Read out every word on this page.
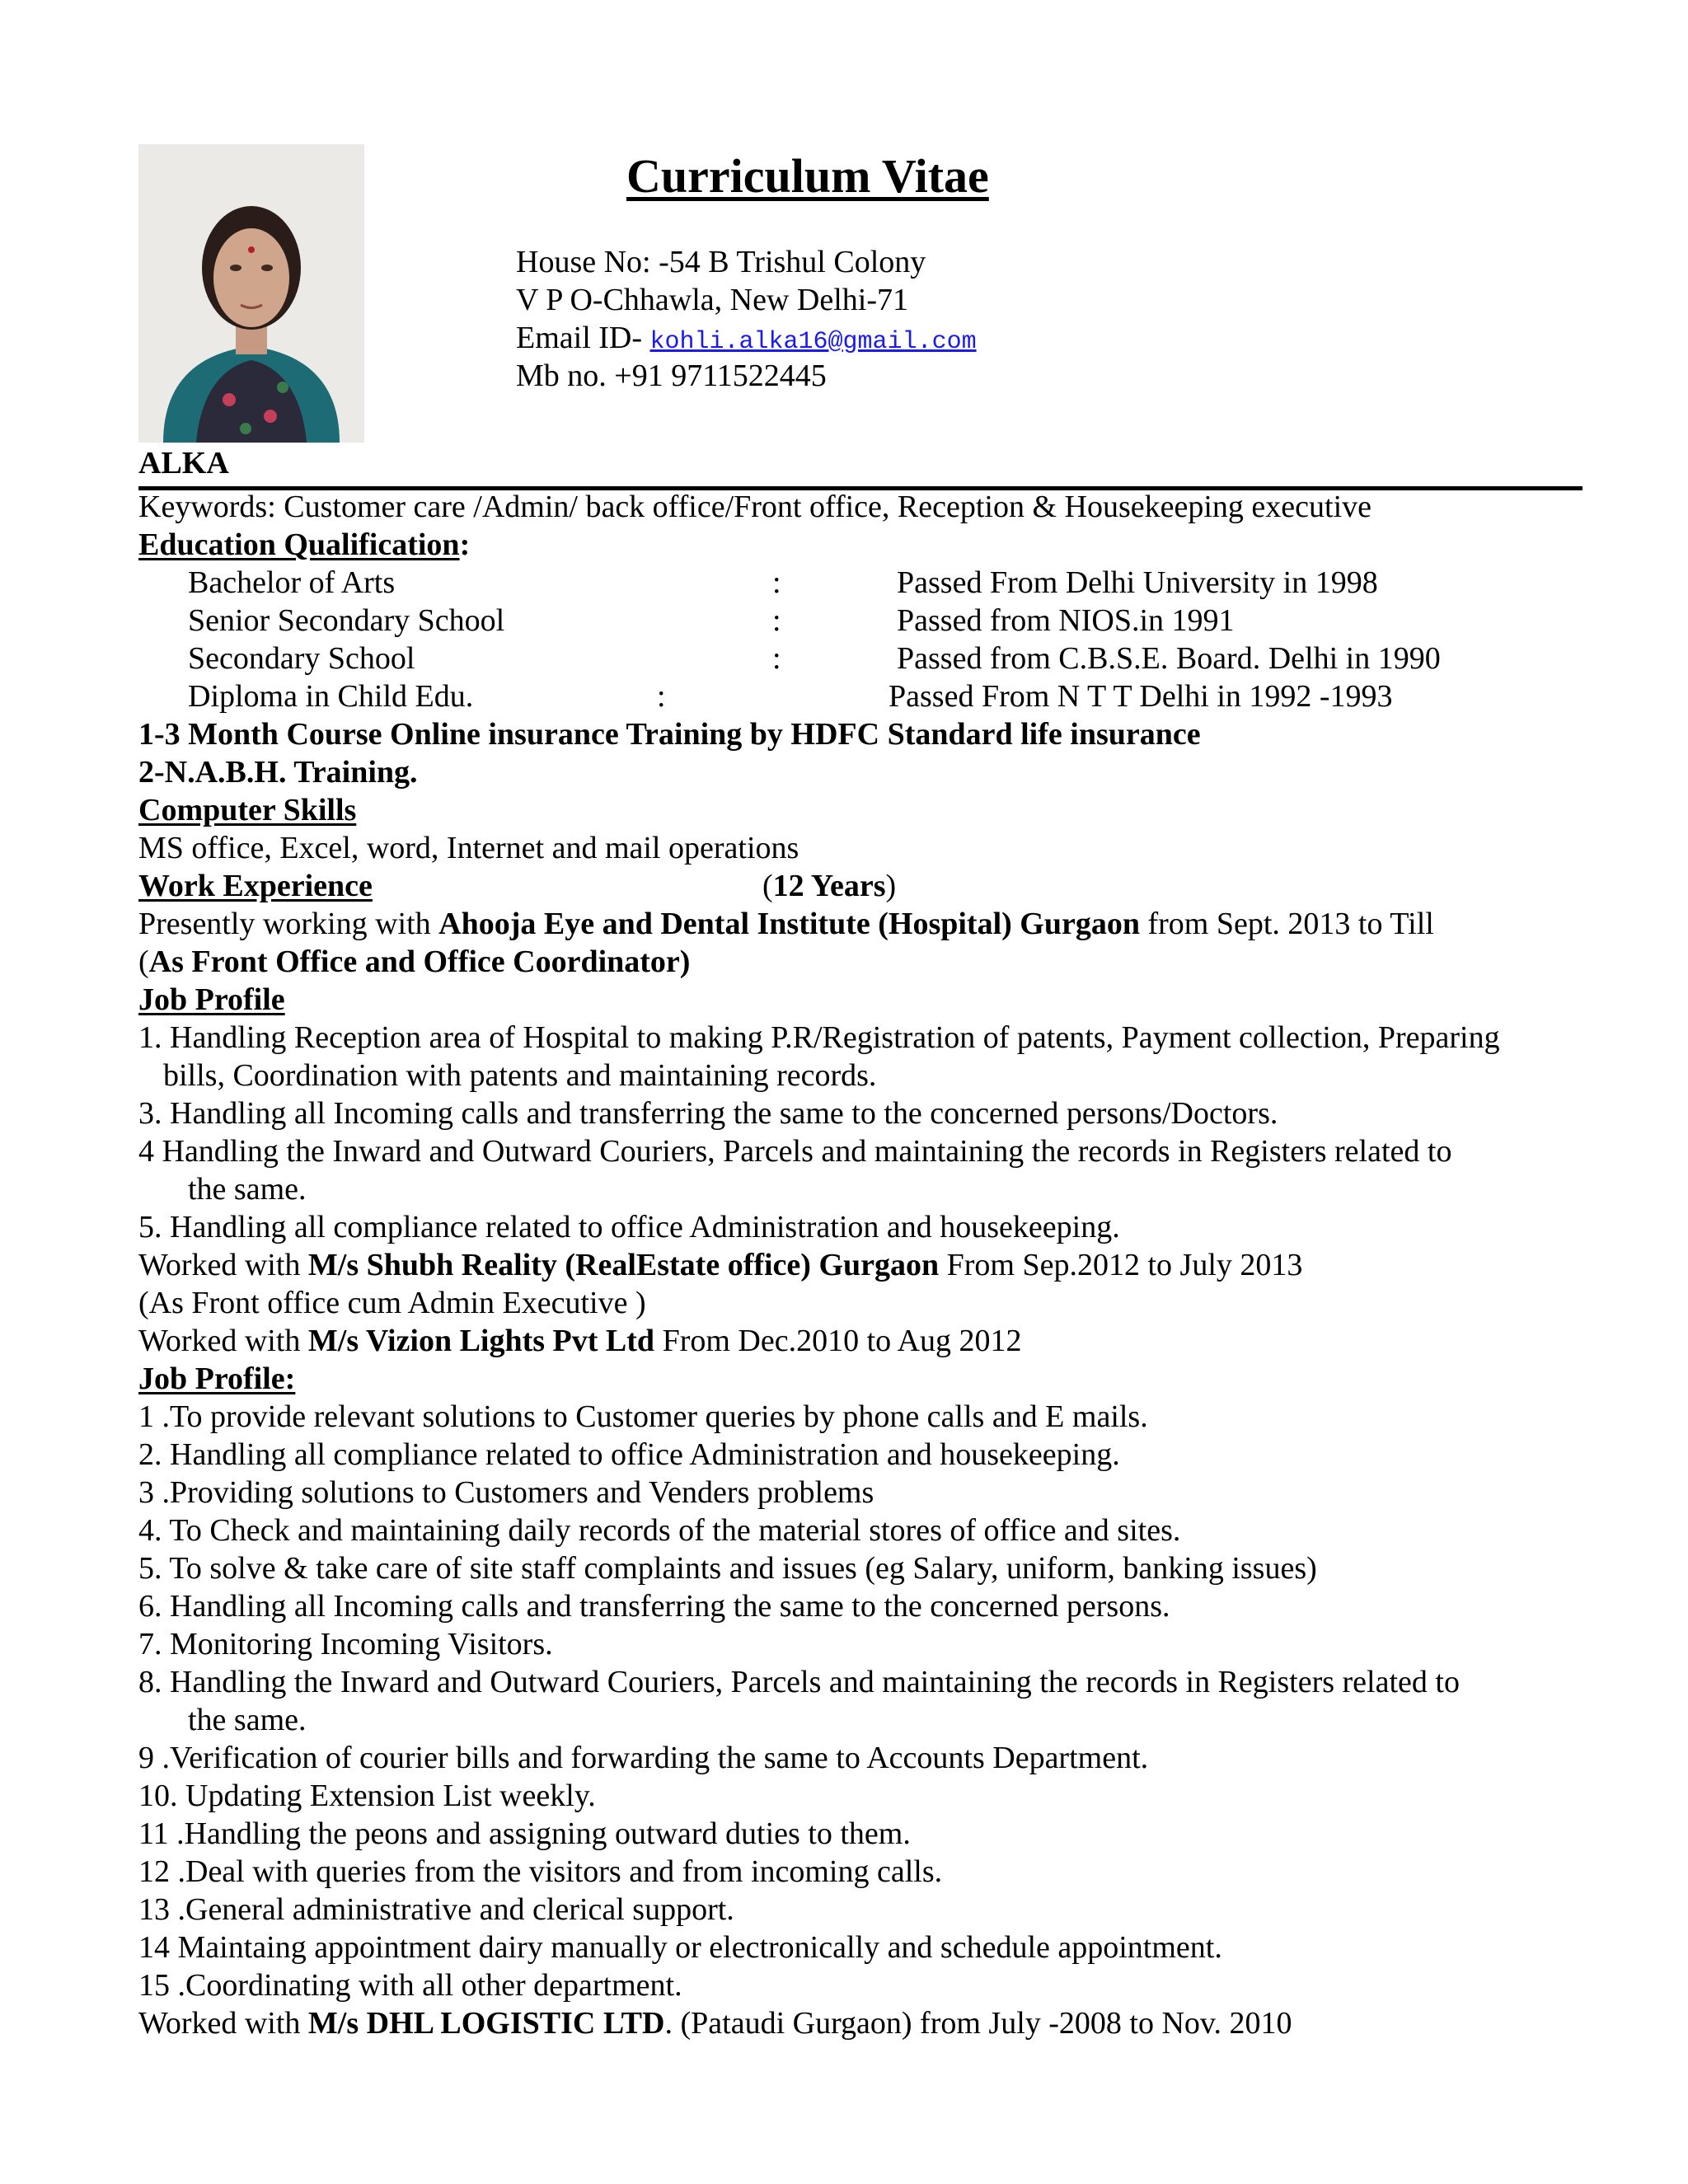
Curriculum Vitae
House No: -54 B Trishul Colony
V P O-Chhawla, New Delhi-71
Email ID- kohli.alka16@gmail.com
Mb no. +91 9711522445
ALKA
Keywords: Customer care /Admin/ back office/Front office, Reception & Housekeeping executive
Education Qualification:
Bachelor of Arts	:	Passed From Delhi University in 1998
Senior Secondary School	:	Passed from NIOS.in 1991
Secondary School	:	Passed from C.B.S.E. Board. Delhi in 1990
Diploma in Child Edu.	:	Passed From N T T Delhi in 1992 -1993
1-3 Month Course Online insurance Training by HDFC Standard life insurance
2-N.A.B.H. Training.
Computer Skills
MS office, Excel, word, Internet and mail operations
Work Experience	(12 Years)
Presently working with Ahooja Eye and Dental Institute (Hospital) Gurgaon from Sept. 2013 to Till
(As Front Office and Office Coordinator)
Job Profile
1. Handling Reception area of Hospital to making P.R/Registration of patents, Payment collection, Preparing
bills, Coordination with patents and maintaining records.
3. Handling all Incoming calls and transferring the same to the concerned persons/Doctors.
4 Handling the Inward and Outward Couriers, Parcels and maintaining the records in Registers related to
the same.
5. Handling all compliance related to office Administration and housekeeping.
Worked with M/s Shubh Reality (RealEstate office) Gurgaon From Sep.2012 to July 2013
(As Front office cum Admin Executive )
Worked with M/s Vizion Lights Pvt Ltd From Dec.2010 to Aug 2012
Job Profile:
1 .To provide relevant solutions to Customer queries by phone calls and E mails.
2. Handling all compliance related to office Administration and housekeeping.
3 .Providing solutions to Customers and Venders problems
4. To Check and maintaining daily records of the material stores of office and sites.
5. To solve & take care of site staff complaints and issues (eg Salary, uniform, banking issues)
6. Handling all Incoming calls and transferring the same to the concerned persons.
7. Monitoring Incoming Visitors.
8. Handling the Inward and Outward Couriers, Parcels and maintaining the records in Registers related to
the same.
9 .Verification of courier bills and forwarding the same to Accounts Department.
10. Updating Extension List weekly.
11 .Handling the peons and assigning outward duties to them.
12 .Deal with queries from the visitors and from incoming calls.
13 .General administrative and clerical support.
14 Maintaing appointment dairy manually or electronically and schedule appointment.
15 .Coordinating with all other department.
Worked with M/s DHL LOGISTIC LTD. (Pataudi Gurgaon) from July -2008 to Nov. 2010
